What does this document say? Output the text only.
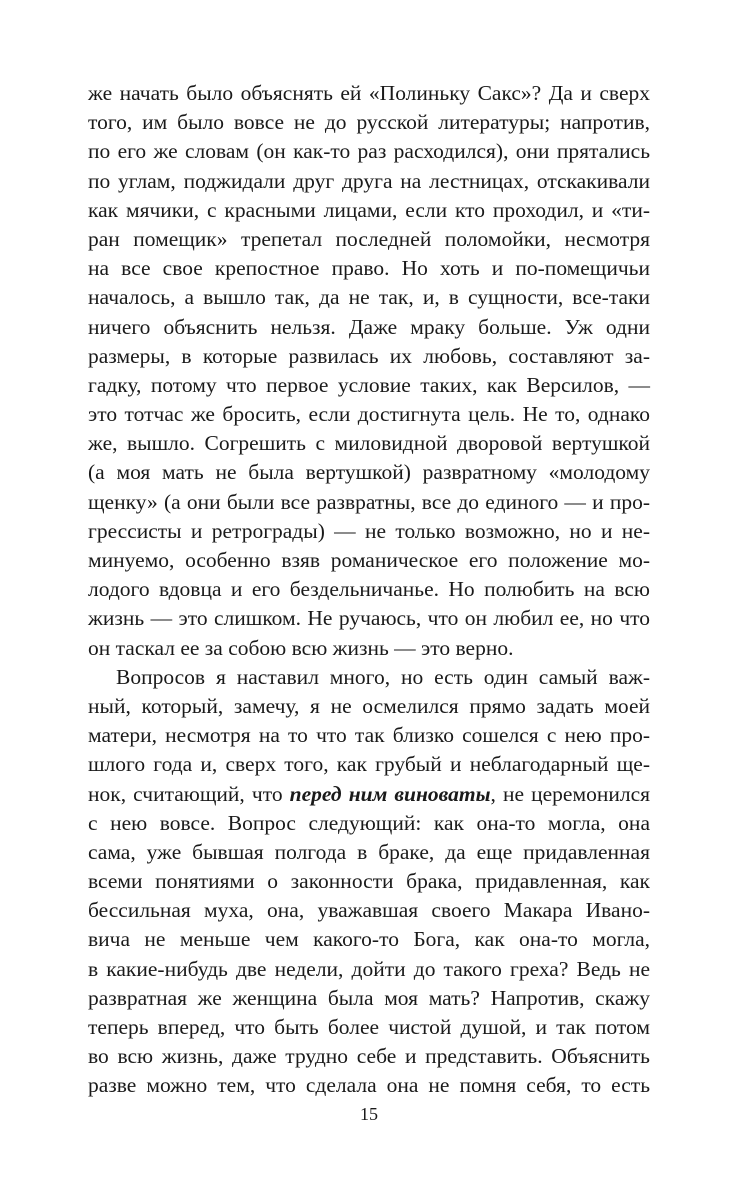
же начать было объяснять ей «Полиньку Сакс»? Да и сверх
того, им было вовсе не до русской литературы; напротив,
по его же словам (он как-то раз расходился), они прятались
по углам, поджидали друг друга на лестницах, отскакивали
как мячики, с красными лицами, если кто проходил, и «ти-
ран помещик» трепетал последней поломойки, несмотря
на все свое крепостное право. Но хоть и по-помещичьи
началось, а вышло так, да не так, и, в сущности, все-таки
ничего объяснить нельзя. Даже мраку больше. Уж одни
размеры, в которые развилась их любовь, составляют за-
гадку, потому что первое условие таких, как Версилов, —
это тотчас же бросить, если достигнута цель. Не то, однако
же, вышло. Согрешить с миловидной дворовой вертушкой
(а моя мать не была вертушкой) развратному «молодому
щенку» (а они были все развратны, все до единого — и про-
грессисты и ретрограды) — не только возможно, но и не-
минуемо, особенно взяв романическое его положение мо-
лодого вдовца и его бездельничанье. Но полюбить на всю
жизнь — это слишком. Не ручаюсь, что он любил ее, но что
он таскал ее за собою всю жизнь — это верно.

Вопросов я наставил много, но есть один самый важ-
ный, который, замечу, я не осмелился прямо задать моей
матери, несмотря на то что так близко сошелся с нею про-
шлого года и, сверх того, как грубый и неблагодарный щe-
нок, считающий, что перед ним виноваты, не церемонился
с нею вовсе. Вопрос следующий: как она-то могла, она
сама, уже бывшая полгода в браке, да еще придавленная
всеми понятиями о законности брака, придавленная, как
бессильная муха, она, уважавшая своего Макара Ивано-
вича не меньше чем какого-то Бога, как она-то могла,
в какие-нибудь две недели, дойти до такого греха? Ведь не
развратная же женщина была моя мать? Напротив, скажу
теперь вперед, что быть более чистой душой, и так потом
во всю жизнь, даже трудно себе и представить. Объяснить
разве можно тем, что сделала она не помня себя, то есть

15
